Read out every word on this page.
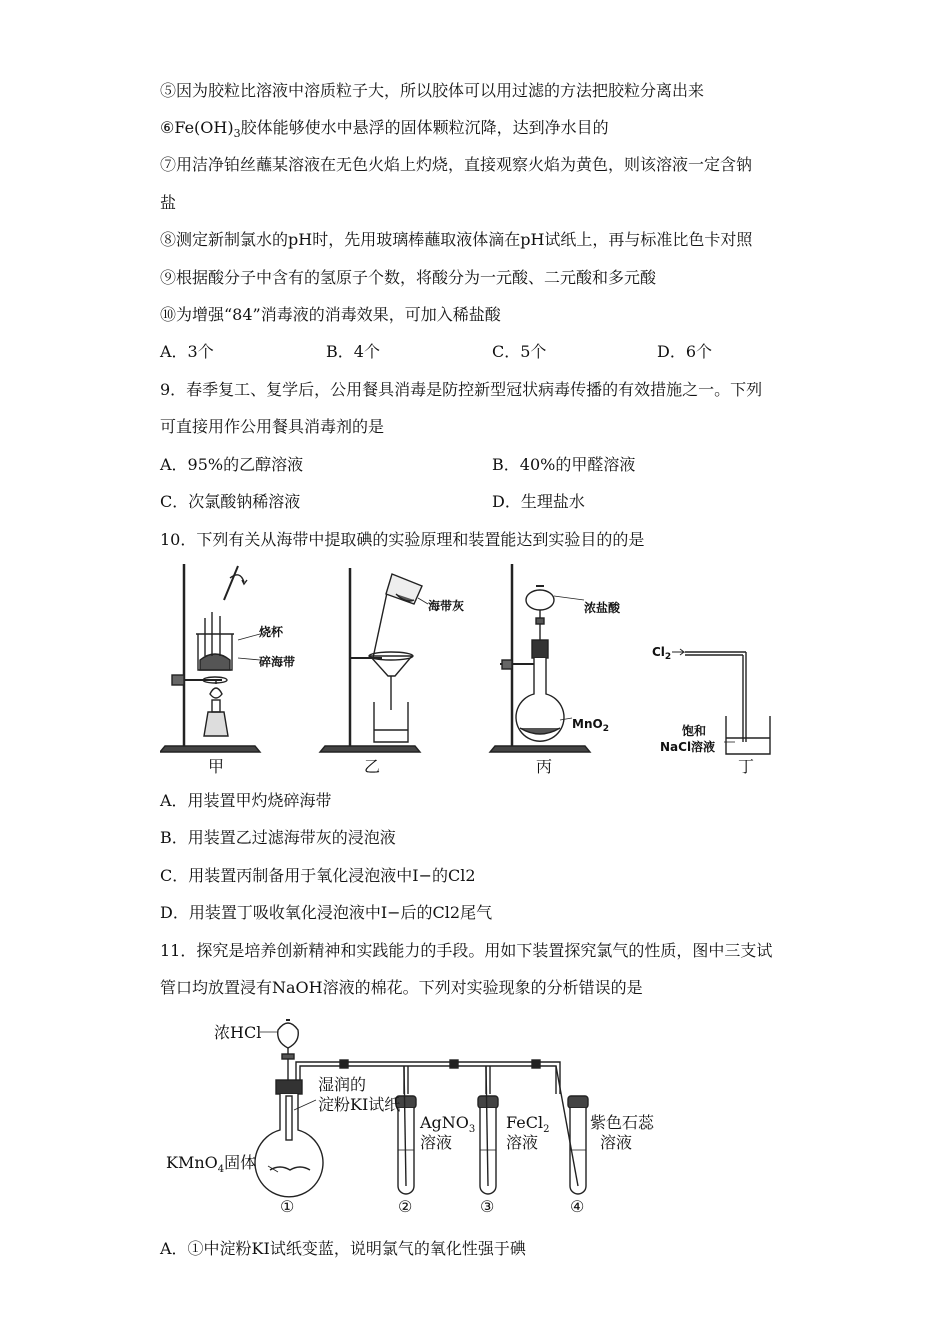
⑤因为胶粒比溶液中溶质粒子大，所以胶体可以用过滤的方法把胶粒分离出来
$⑥Fe(OH)_3$胶体能够使水中悬浮的固体颗粒沉降，达到净水目的
⑦用洁净铂丝蘸某溶液在无色火焰上灼烧，直接观察火焰为黄色，则该溶液一定含钠
盐
⑧测定新制氯水的pH时，先用玻璃棒蘸取液体滴在pH试纸上，再与标准比色卡对照
⑨根据酸分子中含有的氢原子个数，将酸分为一元酸、二元酸和多元酸
⑩为增强“84”消毒液的消毒效果，可加入稀盐酸
A．3个	B．4个	C．5个	D．6个
9．春季复工、复学后，公用餐具消毒是防控新型冠状病毒传播的有效措施之一。下列
可直接用作公用餐具消毒剂的是
A．95%的乙醇溶液	B．40%的甲醛溶液
C．次氯酸钠稀溶液	D．生理盐水
10．下列有关从海带中提取碘的实验原理和装置能达到实验目的的是
烧杯
碎海带
海带灰	浓盐酸
MnO$_2$
$Cl_2$
饱和
NaCl溶液
甲	乙	丙	丁
A．用装置甲灼烧碎海带
B．用装置乙过滤海带灰的浸泡液
C．用装置丙制备用于氧化浸泡液中I−的Cl2
D．用装置丁吸收氧化浸泡液中I−后的Cl2尾气
11．探究是培养创新精神和实践能力的手段。用如下装置探究氯气的性质，图中三支试
管口均放置浸有NaOH溶液的棉花。下列对实验现象的分析错误的是
浓HCl
湿润的
淀粉KI试纸
KMnO$_4$固体
AgNO$_3$
溶液
FeCl$_2$
溶液
紫色石蕊
溶液
①	②	③	④
A．①中淀粉KI试纸变蓝，说明氯气的氧化性强于碘
